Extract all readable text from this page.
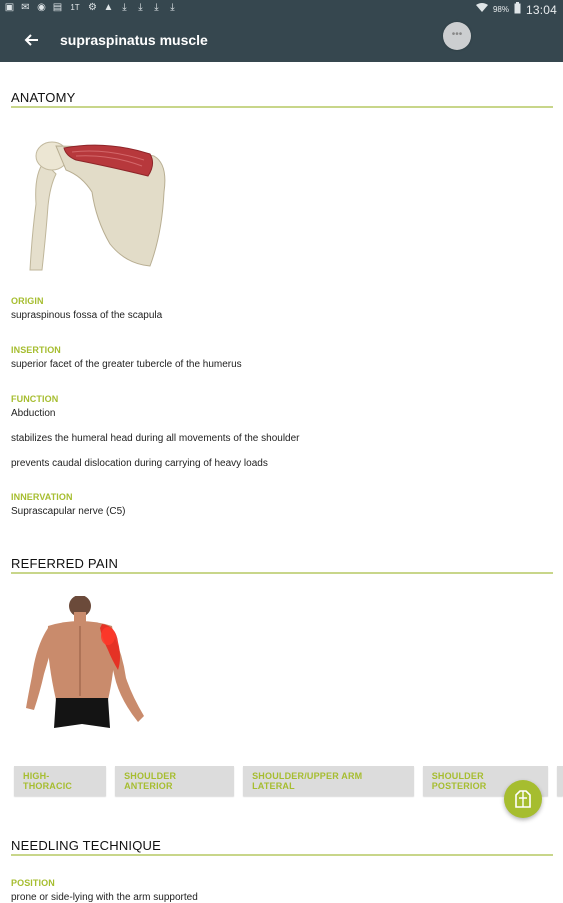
▣ ✉ ◉ ▤ 1T ⚙ ▲ ⤓	⤓	⤓	⤓	98% 13:04
supraspinatus muscle	•••
ANATOMY
ORIGIN
supraspinous fossa of the scapula
INSERTION
superior facet of the greater tubercle of the humerus
FUNCTION
Abduction
stabilizes the humeral head during all movements of the shoulder
prevents caudal dislocation during carrying of heavy loads
INNERVATION
Suprascapular nerve (C5)
REFERRED PAIN
HIGH-THORACIC
SHOULDER ANTERIOR
SHOULDER/UPPER ARM LATERAL
SHOULDER POSTERIOR
NEEDLING TECHNIQUE
POSITION
prone or side-lying with the arm supported
